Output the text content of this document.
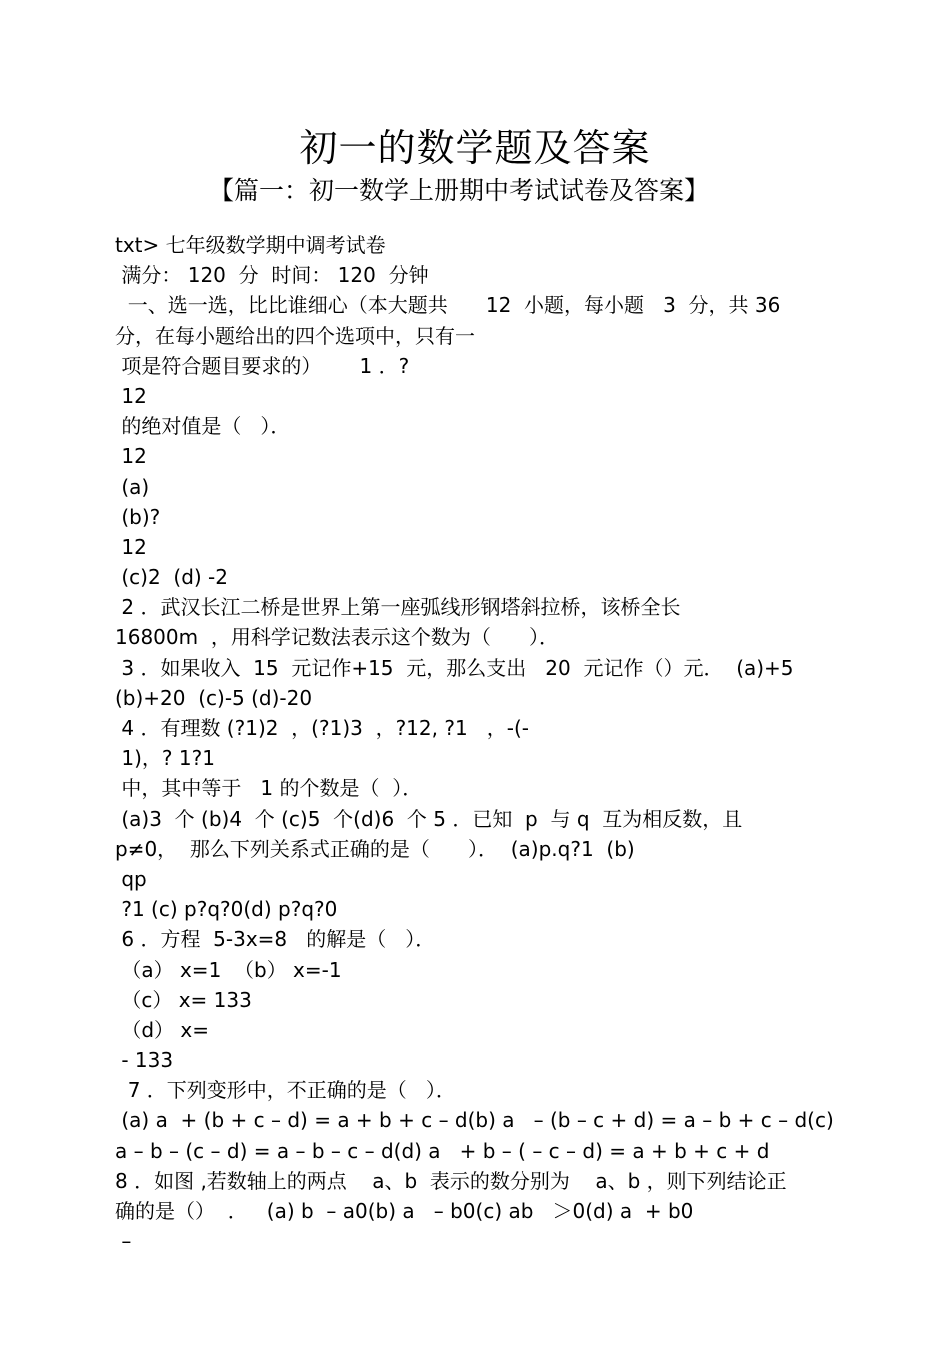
初一的数学题及答案
【篇一：初一数学上册期中考试试卷及答案】
txt> 七年级数学期中调考试卷
满分： 120  分  时间： 120  分钟
一、选一选，比比谁细心（本大题共      12  小题，每小题   3  分，共 36
分，在每小题给出的四个选项中，只有一
项是符合题目要求的）      1 ．?
12
的绝对值是（   ）．
12
(a)
(b)?
12
(c)2  (d) -2
2 ．武汉长江二桥是世界上第一座弧线形钢塔斜拉桥，该桥全长
16800m  ，用科学记数法表示这个数为（      ）．
3 ．如果收入  15  元记作+15  元，那么支出   20  元记作（）元．  (a)+5
(b)+20  (c)-5 (d)-20
4 ．有理数 (?1)2  ，(?1)3  ，?12, ?1   ，-(-
1)，? 1?1
中，其中等于   1 的个数是（  ）．
(a)3  个 (b)4  个 (c)5  个(d)6  个 5 ．已知  p  与 q  互为相反数，且
p≠0，  那么下列关系式正确的是（      ）．  (a)p.q?1  (b)
qp
?1 (c) p?q?0(d) p?q?0
6 ．方程  5-3x=8   的解是（   ）．
（a） x=1  （b） x=-1
（c） x= 133
（d） x=
- 133
7 ．下列变形中，不正确的是（   ）．
(a) a  + (b + c – d) = a + b + c – d(b) a   – (b – c + d) = a – b + c – d(c)
a – b – (c – d) = a – b – c – d(d) a   + b – ( – c – d) = a + b + c + d
8 ．如图 ,若数轴上的两点    a、b  表示的数分别为    a、b ，则下列结论正
确的是（）  ．   (a) b  – a0(b) a   – b0(c) ab   ＞0(d) a  + b0
–
